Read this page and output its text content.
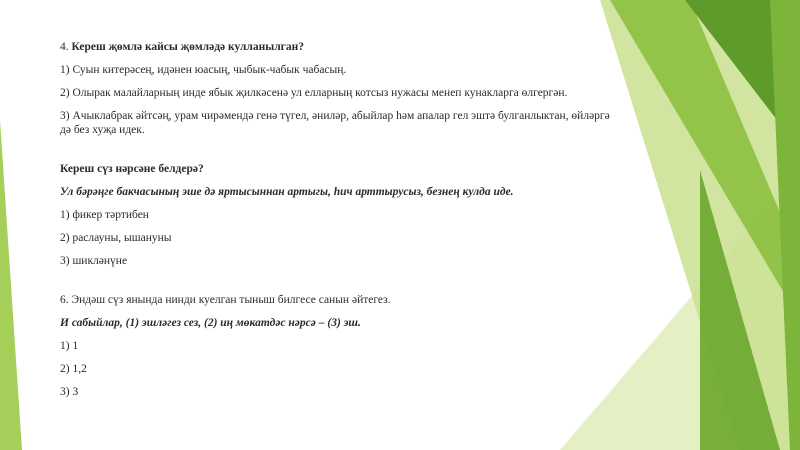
4. Кереш җөмлә кайсы җөмләдә кулланылган?

1) Суын китерәсең, идәнен юасың, чыбык-чабык чабасың.

2) Олырак малайларның инде ябык җилкәсенә ул елларның котсыз нужасы менеп кунакларга өлгергән.

3) Ачыклабрак әйтсәң, урам чирәмендә генә түгел, әниләр, абыйлар һәм апалар гел эштә булганлыктан, өйләргә дә без хуҗа идек.

Кереш сүз нәрсәне белдерә?

Ул бәрәңге бакчасының эше дә яртысыннан артыгы, һич арттырусыз, безнең кулда иде.

1) фикер тәртибен

2) раслауны, ышануны

3) шикләнүне

6. Эндәш сүз янында нинди куелган тыныш билгесе санын әйтегез.

И сабыйлар, (1) эшләгез сез, (2) иң мөкатдәс нәрсә – (3) эш.

1) 1

2) 1,2

3) 3
